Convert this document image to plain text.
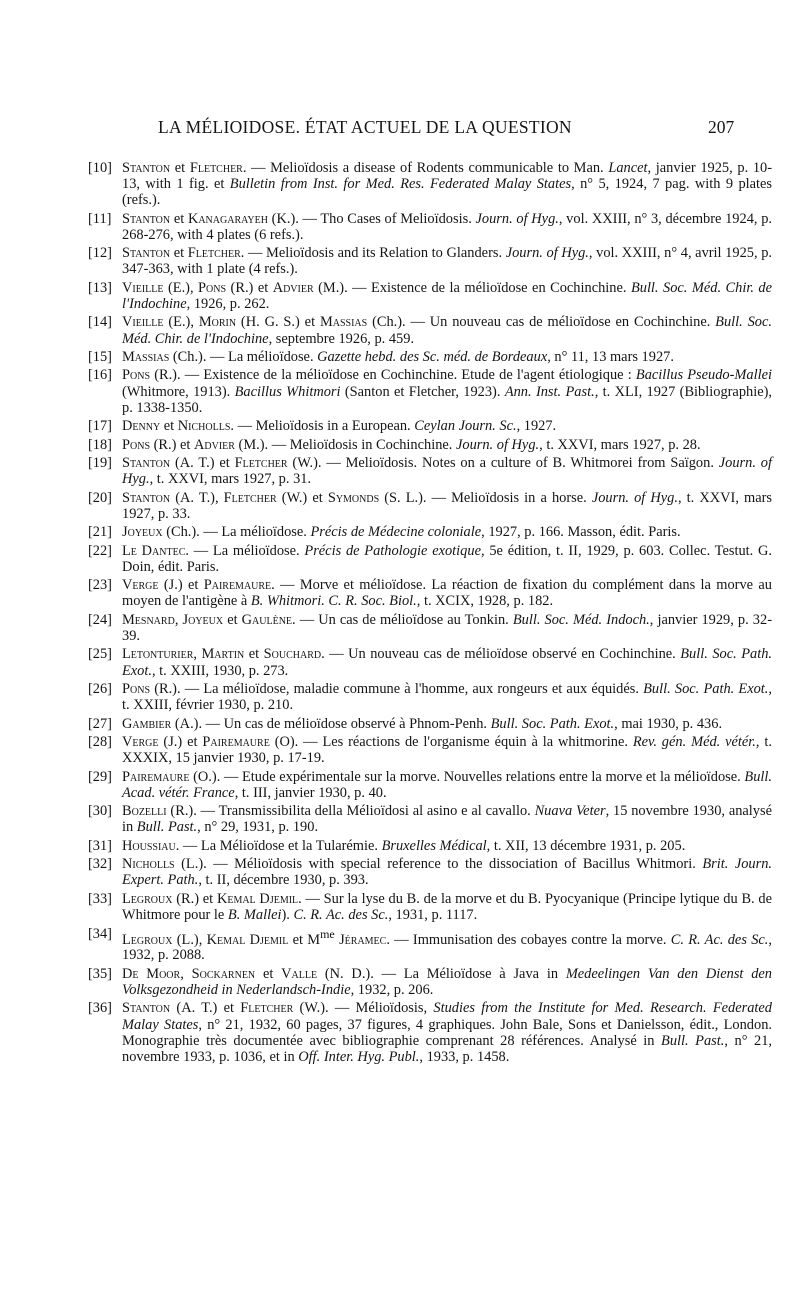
LA MÉLIOIDOSE. ÉTAT ACTUEL DE LA QUESTION	207
[10] Stanton et Fletcher. — Melioïdosis a disease of Rodents communicable to Man. Lancet, janvier 1925, p. 10-13, with 1 fig. et Bulletin from Inst. for Med. Res. Federated Malay States, n° 5, 1924, 7 pag. with 9 plates (refs.).
[11] Stanton et Kanagarayeh (K.). — Tho Cases of Melioïdosis. Journ. of Hyg., vol. XXIII, n° 3, décembre 1924, p. 268-276, with 4 plates (6 refs.).
[12] Stanton et Fletcher. — Melioïdosis and its Relation to Glanders. Journ. of Hyg., vol. XXIII, n° 4, avril 1925, p. 347-363, with 1 plate (4 refs.).
[13] Vieille (E.), Pons (R.) et Advier (M.). — Existence de la mélioïdose en Cochinchine. Bull. Soc. Méd. Chir. de l'Indochine, 1926, p. 262.
[14] Vieille (E.), Morin (H. G. S.) et Massias (Ch.). — Un nouveau cas de mélioïdose en Cochinchine. Bull. Soc. Méd. Chir. de l'Indochine, septembre 1926, p. 459.
[15] Massias (Ch.). — La mélioïdose. Gazette hebd. des Sc. méd. de Bordeaux, n° 11, 13 mars 1927.
[16] Pons (R.). — Existence de la mélioïdose en Cochinchine. Etude de l'agent étiologique : Bacillus Pseudo-Mallei (Whitmore, 1913). Bacillus Whitmori (Santon et Fletcher, 1923). Ann. Inst. Past., t. XLI, 1927 (Bibliographie), p. 1338-1350.
[17] Denny et Nicholls. — Melioïdosis in a European. Ceylan Journ. Sc., 1927.
[18] Pons (R.) et Advier (M.). — Melioïdosis in Cochinchine. Journ. of Hyg., t. XXVI, mars 1927, p. 28.
[19] Stanton (A. T.) et Fletcher (W.). — Melioïdosis. Notes on a culture of B. Whitmorei from Saïgon. Journ. of Hyg., t. XXVI, mars 1927, p. 31.
[20] Stanton (A. T.), Fletcher (W.) et Symonds (S. L.). — Melioïdosis in a horse. Journ. of Hyg., t. XXVI, mars 1927, p. 33.
[21] Joyeux (Ch.). — La mélioïdose. Précis de Médecine coloniale, 1927, p. 166. Masson, édit. Paris.
[22] Le Dantec. — La mélioïdose. Précis de Pathologie exotique, 5e édition, t. II, 1929, p. 603. Collec. Testut. G. Doin, édit. Paris.
[23] Verge (J.) et Pairemaure. — Morve et mélioïdose. La réaction de fixation du complément dans la morve au moyen de l'antigène à B. Whitmori. C. R. Soc. Biol., t. XCIX, 1928, p. 182.
[24] Mesnard, Joyeux et Gaulène. — Un cas de mélioïdose au Tonkin. Bull. Soc. Méd. Indoch., janvier 1929, p. 32-39.
[25] Letonturier, Martin et Souchard. — Un nouveau cas de mélioïdose observé en Cochinchine. Bull. Soc. Path. Exot., t. XXIII, 1930, p. 273.
[26] Pons (R.). — La mélioïdose, maladie commune à l'homme, aux rongeurs et aux équidés. Bull. Soc. Path. Exot., t. XXIII, février 1930, p. 210.
[27] Gambier (A.). — Un cas de mélioïdose observé à Phnom-Penh. Bull. Soc. Path. Exot., mai 1930, p. 436.
[28] Verge (J.) et Pairemaure (O). — Les réactions de l'organisme équin à la whitmorine. Rev. gén. Méd. vétér., t. XXXIX, 15 janvier 1930, p. 17-19.
[29] Pairemaure (O.). — Etude expérimentale sur la morve. Nouvelles relations entre la morve et la mélioïdose. Bull. Acad. vétér. France, t. III, janvier 1930, p. 40.
[30] Bozelli (R.). — Transmissibilita della Mélioïdosi al asino e al cavallo. Nuava Veter, 15 novembre 1930, analysé in Bull. Past., n° 29, 1931, p. 190.
[31] Houssiau. — La Mélioïdose et la Tularémie. Bruxelles Médical, t. XII, 13 décembre 1931, p. 205.
[32] Nicholls (L.). — Mélioïdosis with special reference to the dissociation of Bacillus Whitmori. Brit. Journ. Expert. Path., t. II, décembre 1930, p. 393.
[33] Legroux (R.) et Kemal Djemil. — Sur la lyse du B. de la morve et du B. Pyocyanique (Principe lytique du B. de Whitmore pour le B. Mallei). C. R. Ac. des Sc., 1931, p. 1117.
[34] Legroux (L.), Kemal Djemil et $M^{me}$ Jéramec. — Immunisation des cobayes contre la morve. C. R. Ac. des Sc., 1932, p. 2088.
[35] De Moor, Sockarnen et Valle (N. D.). — La Mélioïdose à Java in Medeelingen Van den Dienst den Volksgezondheid in Nederlandsch-Indie, 1932, p. 206.
[36] Stanton (A. T.) et Fletcher (W.). — Mélioïdosis, Studies from the Institute for Med. Research. Federated Malay States, n° 21, 1932, 60 pages, 37 figures, 4 graphiques. John Bale, Sons et Danielsson, édit., London. Monographie très documentée avec bibliographie comprenant 28 références. Analysé in Bull. Past., n° 21, novembre 1933, p. 1036, et in Off. Inter. Hyg. Publ., 1933, p. 1458.
